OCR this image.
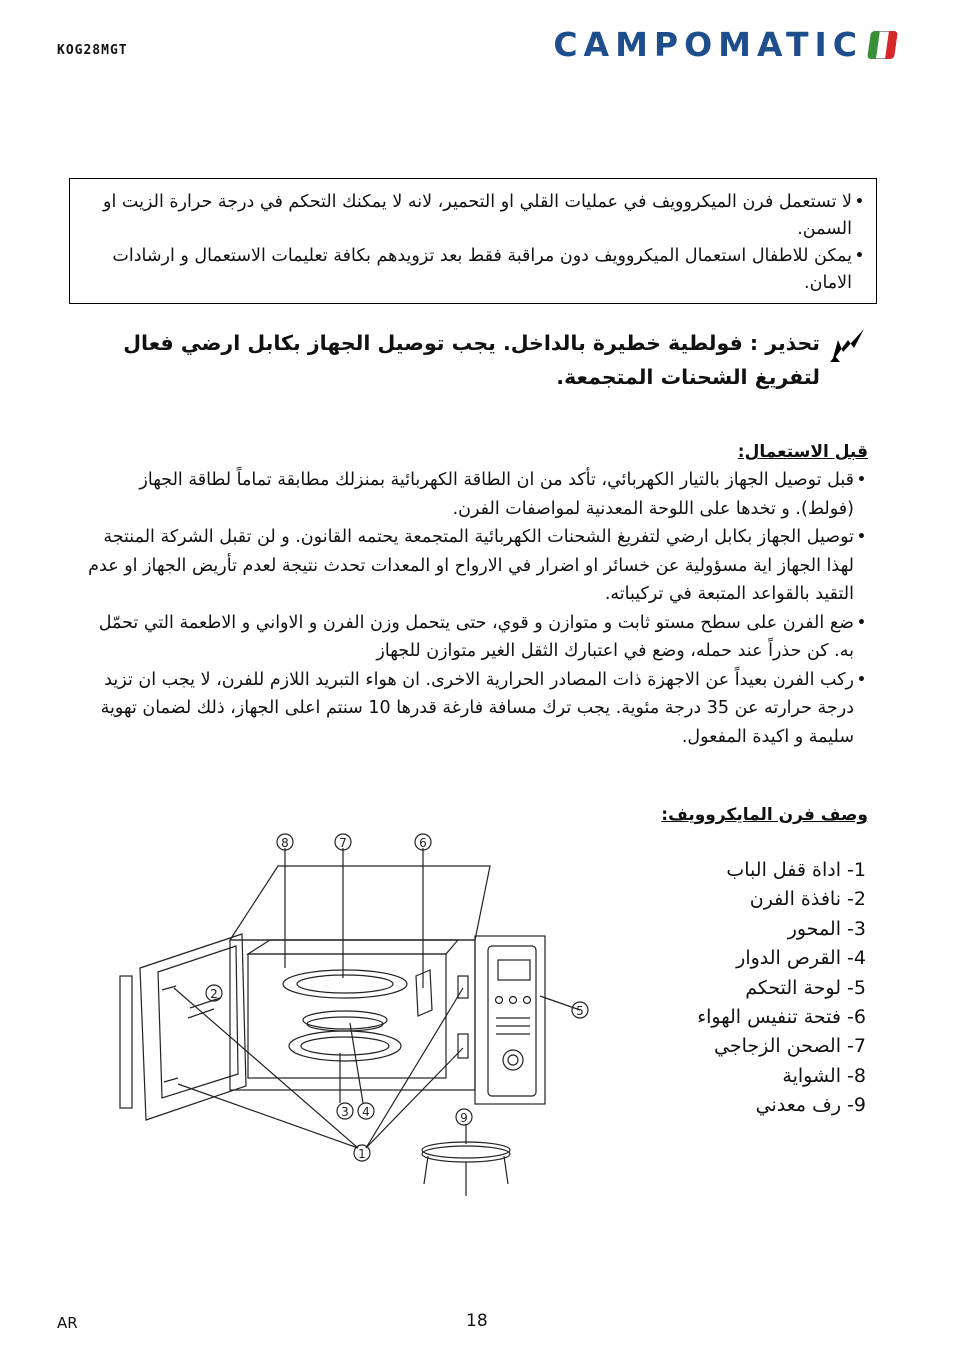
KOG28MGT	CAMPOMATIC
• لا تستعمل فرن الميكروويف في عمليات القلي او التحمير، لانه لا يمكنك التحكم في درجة حرارة الزيت او السمن.
• يمكن للاطفال استعمال الميكروويف دون مراقبة فقط بعد تزويدهم بكافة تعليمات الاستعمال و ارشادات الامان.
تحذير : فولطية خطيرة بالداخل. يجب توصيل الجهاز بكابل ارضي فعال لتفريغ الشحنات المتجمعة.
قبل الاستعمال:
• قبل توصيل الجهاز بالتيار الكهربائي، تأكد من ان الطاقة الكهربائية بمنزلك مطابقة تماماً لطاقة الجهاز (فولط). و تخدها على اللوحة المعدنية لمواصفات الفرن.
• توصيل الجهاز بكابل ارضي لتفريغ الشحنات الكهربائية المتجمعة يحتمه القانون. و لن تقبل الشركة المنتجة لهذا الجهاز اية مسؤولية عن خسائر او اضرار في الارواح او المعدات تحدث نتيجة لعدم تأريض الجهاز او عدم التقيد بالقواعد المتبعة في تركيباته.
• ضع الفرن على سطح مستو ثابت و متوازن و قوي، حتى يتحمل وزن الفرن و الاواني و الاطعمة التي تحمّل به. كن حذراً عند حمله، وضع في اعتبارك الثقل الغير متوازن للجهاز
• ركب الفرن بعيداً عن الاجهزة ذات المصادر الحرارية الاخرى. ان هواء التبريد اللازم للفرن، لا يجب ان تزيد درجة حرارته عن 35 درجة مئوية. يجب ترك مسافة فارغة قدرها 10 سنتم اعلى الجهاز، ذلك لضمان تهوية سليمة و اكيدة المفعول.
وصف فرن المايكروويف:
1- اداة قفل الباب
2- نافذة الفرن
3- المحور
4- القرص الدوار
5- لوحة التحكم
6- فتحة تنفيس الهواء
7- الصحن الزجاجي
8- الشواية
9- رف معدني
8	7	6
5
2
3 4
1
9
AR	18
